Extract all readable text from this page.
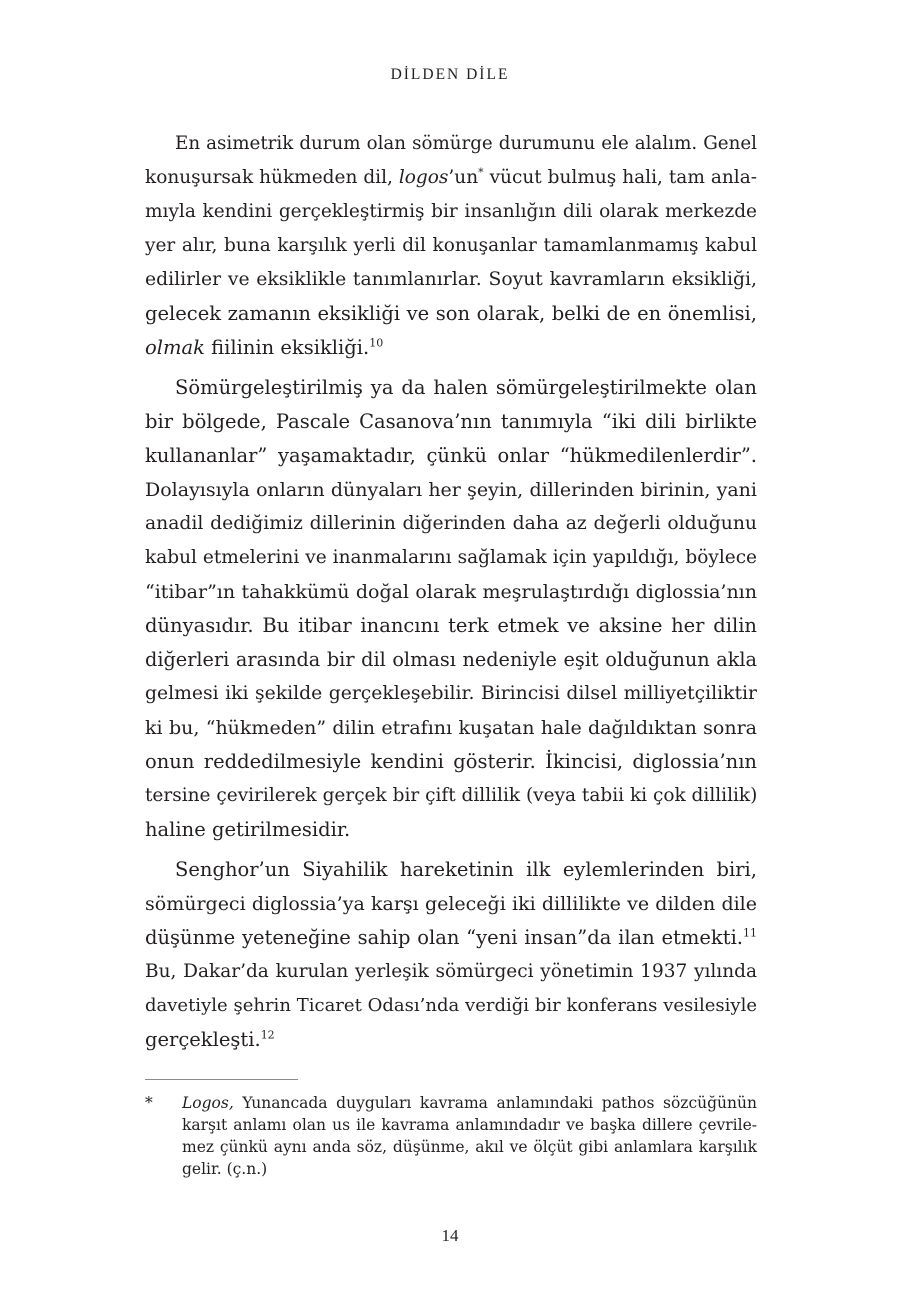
DİLDEN DİLE
En asimetrik durum olan sömürge durumunu ele alalım. Genel
konuşursak hükmeden dil, logos’un* vücut bulmuş hali, tam anla-
mıyla kendini gerçekleştirmiş bir insanlığın dili olarak merkezde
yer alır, buna karşılık yerli dil konuşanlar tamamlanmamış kabul
edilirler ve eksiklikle tanımlanırlar. Soyut kavramların eksikliği,
gelecek zamanın eksikliği ve son olarak, belki de en önemlisi,
olmak fiilinin eksikliği.$^{10}$
Sömürgeleştirilmiş ya da halen sömürgeleştirilmekte olan
bir bölgede, Pascale Casanova’nın tanımıyla “iki dili birlikte
kullananlar” yaşamaktadır, çünkü onlar “hükmedilenlerdir”.
Dolayısıyla onların dünyaları her şeyin, dillerinden birinin, yani
anadil dediğimiz dillerinin diğerinden daha az değerli olduğunu
kabul etmelerini ve inanmalarını sağlamak için yapıldığı, böylece
“itibar”ın tahakkümü doğal olarak meşrulaştırdığı diglossia’nın
dünyasıdır. Bu itibar inancını terk etmek ve aksine her dilin
diğerleri arasında bir dil olması nedeniyle eşit olduğunun akla
gelmesi iki şekilde gerçekleşebilir. Birincisi dilsel milliyetçiliktir
ki bu, “hükmeden” dilin etrafını kuşatan hale dağıldıktan sonra
onun reddedilmesiyle kendini gösterir. İkincisi, diglossia’nın
tersine çevirilerek gerçek bir çift dillilik (veya tabii ki çok dillilik)
haline getirilmesidir.
Senghor’un Siyahilik hareketinin ilk eylemlerinden biri,
sömürgeci diglossia’ya karşı geleceği iki dillilikte ve dilden dile
düşünme yeteneğine sahip olan “yeni insan”da ilan etmekti.$^{11}$
Bu, Dakar’da kurulan yerleşik sömürgeci yönetimin 1937 yılında
davetiyle şehrin Ticaret Odası’nda verdiği bir konferans vesilesiyle
gerçekleşti.$^{12}$
* Logos, Yunancada duyguları kavrama anlamındaki pathos sözcüğünün
karşıt anlamı olan us ile kavrama anlamındadır ve başka dillere çevrile-
mez çünkü aynı anda söz, düşünme, akıl ve ölçüt gibi anlamlara karşılık
gelir. (ç.n.)
14
